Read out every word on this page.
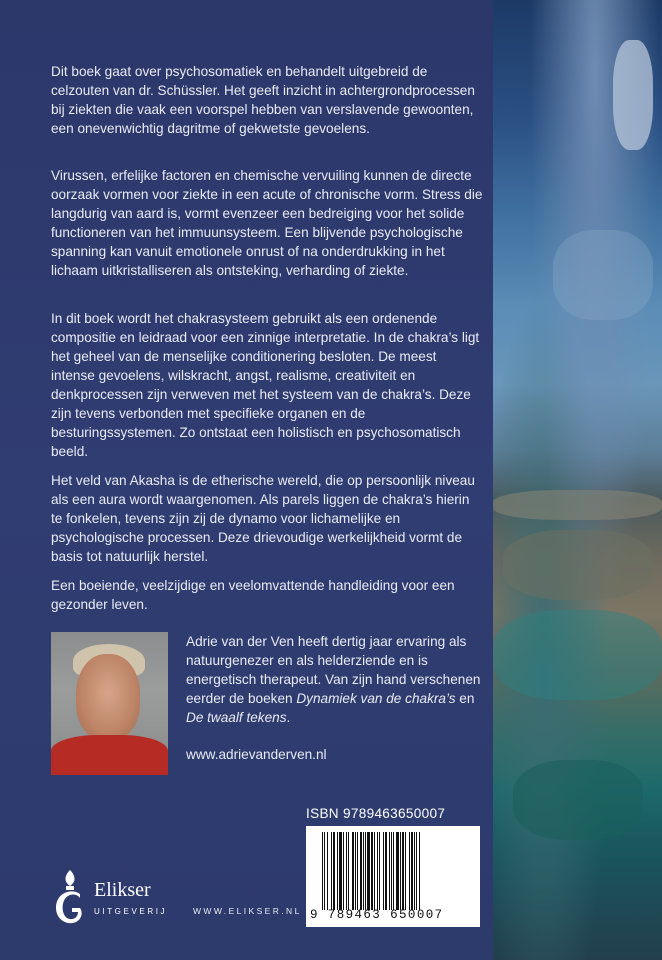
Dit boek gaat over psychosomatiek en behandelt uitgebreid de celzouten van dr. Schüssler. Het geeft inzicht in achtergrondprocessen bij ziekten die vaak een voorspel hebben van verslavende gewoonten, een onevenwichtig dagritme of gekwetste gevoelens.

Virussen, erfelijke factoren en chemische vervuiling kunnen de directe oorzaak vormen voor ziekte in een acute of chronische vorm. Stress die langdurig van aard is, vormt evenzeer een bedreiging voor het solide functioneren van het immuunsysteem. Een blijvende psychologische spanning kan vanuit emotionele onrust of na onderdrukking in het lichaam uitkristalliseren als ontsteking, verharding of ziekte.

In dit boek wordt het chakrasysteem gebruikt als een ordenende compositie en leidraad voor een zinnige interpretatie. In de chakra’s ligt het geheel van de menselijke conditionering besloten. De meest intense gevoelens, wilskracht, angst, realisme, creativiteit en denkprocessen zijn verweven met het systeem van de chakra’s. Deze zijn tevens verbonden met specifieke organen en de besturingssystemen. Zo ontstaat een holistisch en psychosomatisch beeld.

Het veld van Akasha is de etherische wereld, die op persoonlijk niveau als een aura wordt waargenomen. Als parels liggen de chakra’s hierin te fonkelen, tevens zijn zij de dynamo voor lichamelijke en psychologische processen. Deze drievoudige werkelijkheid vormt de basis tot natuurlijk herstel.

Een boeiende, veelzijdige en veelomvattende handleiding voor een gezonder leven.

Adrie van der Ven heeft dertig jaar ervaring als natuurgenezer en als helderziende en is energetisch therapeut. Van zijn hand verschenen eerder de boeken Dynamiek van de chakra’s en De twaalf tekens.

www.adrievanderven.nl
ISBN 9789463650007
9 789463 650007
Elikser
UITGEVERIJ	WWW.ELIKSER.NL
